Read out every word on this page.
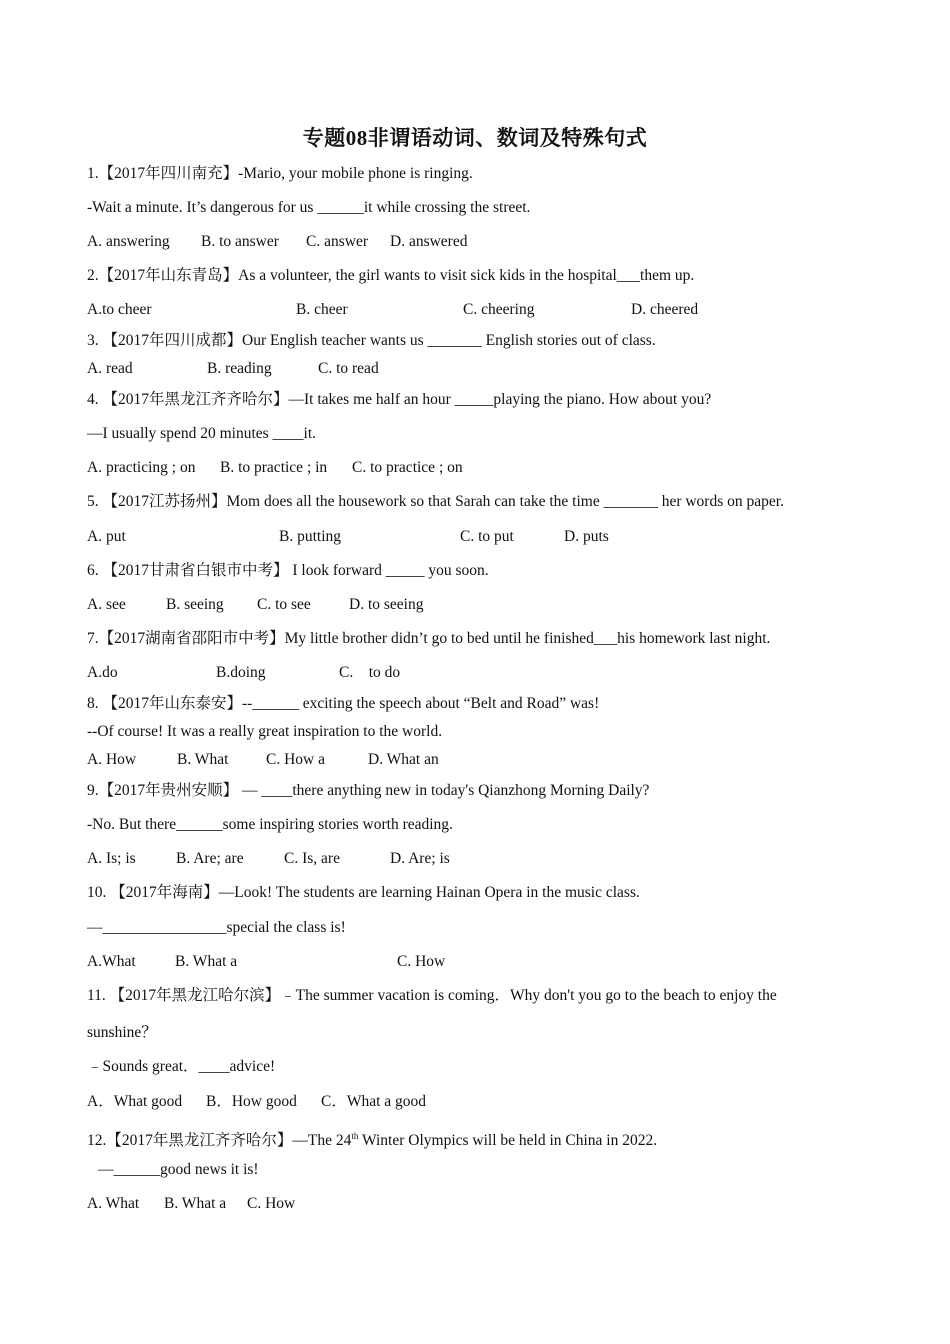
专题08非谓语动词、数词及特殊句式
1.【2017年四川南充】-Mario, your mobile phone is ringing.
-Wait a minute. It’s dangerous for us ______it while crossing the street.
A. answering B. to answer C. answer D. answered
2.【2017年山东青岛】As a volunteer, the girl wants to visit sick kids in the hospital___them up.
A.to cheer	B. cheer	C. cheering	D. cheered
3. 【2017年四川成都】Our English teacher wants us _______ English stories out of class.
A. read	B. reading	C. to read
4. 【2017年黑龙江齐齐哈尔】—It takes me half an hour _____playing the piano. How about you?
—I usually spend 20 minutes ____it.
A. practicing ; on B. to practice ; in C. to practice ; on
5. 【2017江苏扬州】Mom does all the housework so that Sarah can take the time _______ her words on paper.
A. put	B. putting	C. to put	D. puts
6. 【2017甘肃省白银市中考】 I look forward _____ you soon.
A. see	B. seeing C. to see D. to seeing
7.【2017湖南省邵阳市中考】My little brother didn’t go to bed until he finished___his homework last night.
A.do	B.doing	C.    to do
8. 【2017年山东泰安】--______ exciting the speech about “Belt and Road” was!
--Of course! It was a really great inspiration to the world.
A. How	B. What C. How a	D. What an
9.【2017年贵州安顺】 — ____there anything new in today's Qianzhong Morning Daily?
-No. But there______some inspiring stories worth reading.
A. Is; is	B. Are; are	C. Is, are	D. Are; is
10. 【2017年海南】—Look! The students are learning Hainan Opera in the music class.
—________________special the class is!
A.What	B. What a	C. How
11. 【2017年黑龙江哈尔滨】﹣The summer vacation is coming．Why don't you go to the beach to enjoy the
sunshine？
﹣Sounds great．____advice!
A．What good B．How good C．What a good
12.【2017年黑龙江齐齐哈尔】—The 24th Winter Olympics will be held in China in 2022.
—______good news it is!
A. What B. What a C. How
